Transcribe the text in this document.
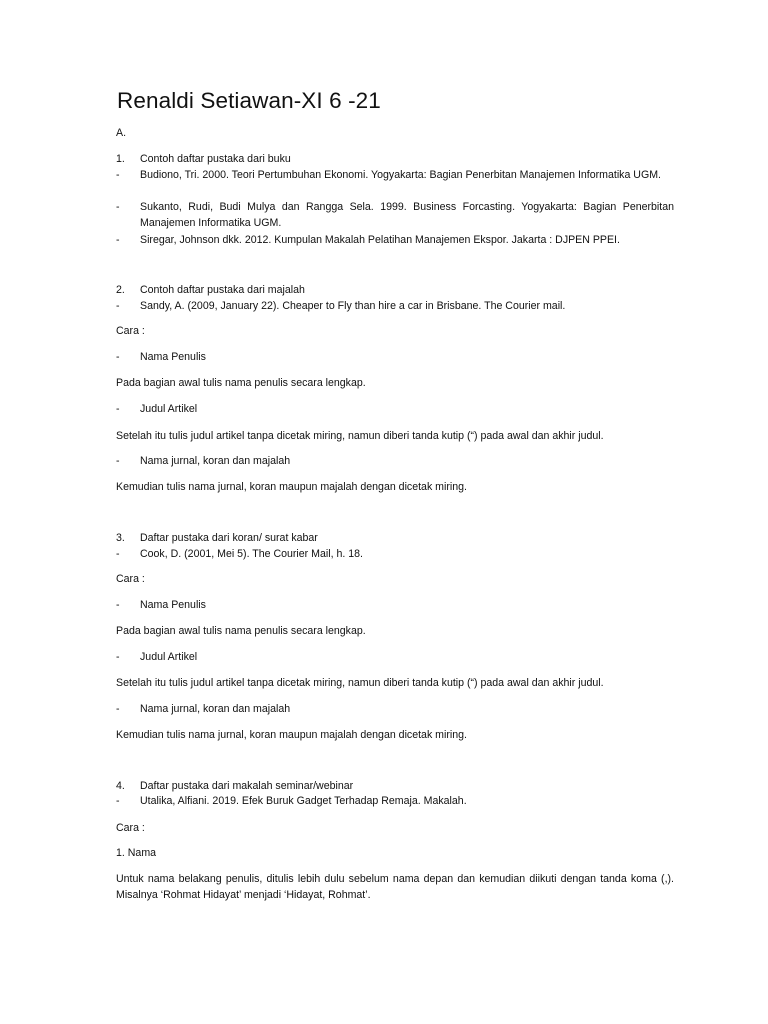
Renaldi Setiawan-XI 6 -21
A.
1. Contoh daftar pustaka dari buku
- Budiono, Tri. 2000. Teori Pertumbuhan Ekonomi. Yogyakarta: Bagian Penerbitan Manajemen Informatika UGM.
- Sukanto, Rudi, Budi Mulya dan Rangga Sela. 1999. Business Forcasting. Yogyakarta: Bagian Penerbitan Manajemen Informatika UGM.
- Siregar, Johnson dkk. 2012. Kumpulan Makalah Pelatihan Manajemen Ekspor. Jakarta : DJPEN PPEI.
2. Contoh daftar pustaka dari majalah
- Sandy, A. (2009, January 22). Cheaper to Fly than hire a car in Brisbane. The Courier mail.
Cara :
- Nama Penulis
Pada bagian awal tulis nama penulis secara lengkap.
- Judul Artikel
Setelah itu tulis judul artikel tanpa dicetak miring, namun diberi tanda kutip (“) pada awal dan akhir judul.
- Nama jurnal, koran dan majalah
Kemudian tulis nama jurnal, koran maupun majalah dengan dicetak miring.
3. Daftar pustaka dari koran/ surat kabar
- Cook, D. (2001, Mei 5). The Courier Mail, h. 18.
Cara :
- Nama Penulis
Pada bagian awal tulis nama penulis secara lengkap.
- Judul Artikel
Setelah itu tulis judul artikel tanpa dicetak miring, namun diberi tanda kutip (“) pada awal dan akhir judul.
- Nama jurnal, koran dan majalah
Kemudian tulis nama jurnal, koran maupun majalah dengan dicetak miring.
4. Daftar pustaka dari makalah seminar/webinar
- Utalika, Alfiani. 2019. Efek Buruk Gadget Terhadap Remaja. Makalah.
Cara :
1. Nama
Untuk nama belakang penulis, ditulis lebih dulu sebelum nama depan dan kemudian diikuti dengan tanda koma (,). Misalnya ‘Rohmat Hidayat’ menjadi ‘Hidayat, Rohmat’.
